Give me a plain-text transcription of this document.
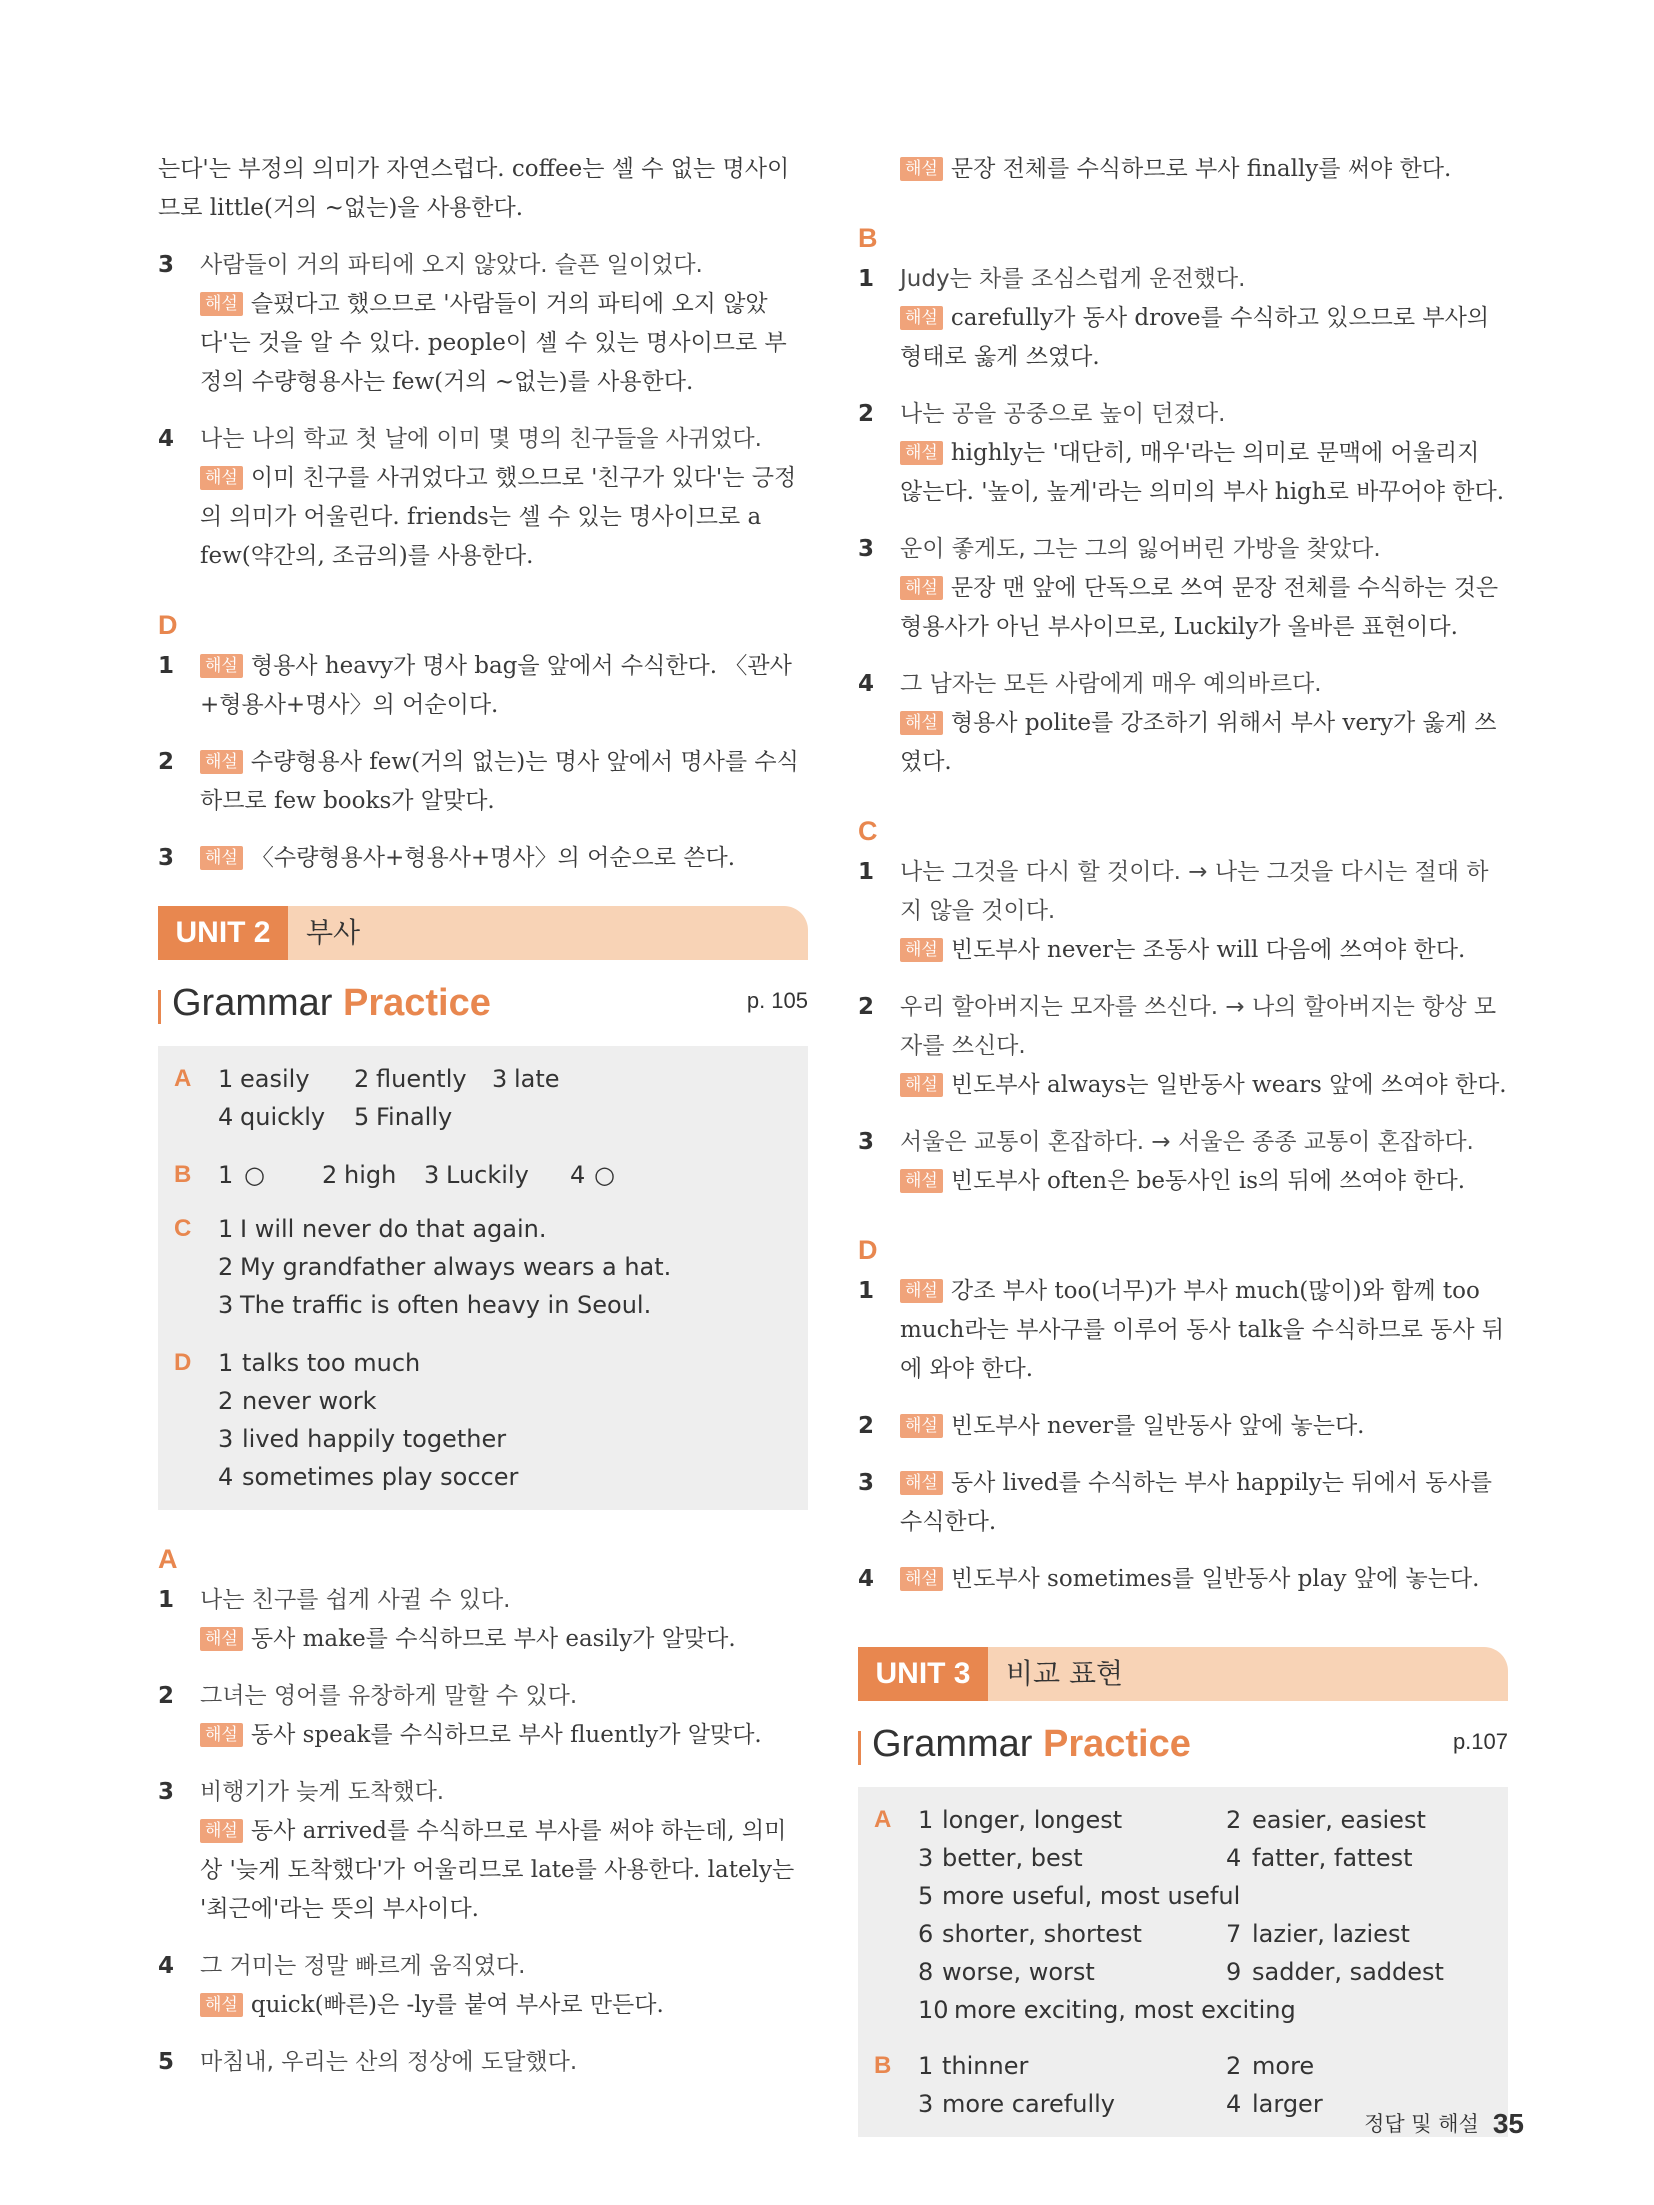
는다'는 부정의 의미가 자연스럽다. coffee는 셀 수 없는 명사이므로 little(거의 ~없는)을 사용한다.
3 사람들이 거의 파티에 오지 않았다. 슬픈 일이었다.
해설 슬펐다고 했으므로 '사람들이 거의 파티에 오지 않았다'는 것을 알 수 있다. people이 셀 수 있는 명사이므로 부정의 수량형용사는 few(거의 ~없는)를 사용한다.
4 나는 나의 학교 첫 날에 이미 몇 명의 친구들을 사귀었다.
해설 이미 친구를 사귀었다고 했으므로 '친구가 있다'는 긍정의 의미가 어울린다. friends는 셀 수 있는 명사이므로 a few(약간의, 조금의)를 사용한다.
D
1 해설 형용사 heavy가 명사 bag을 앞에서 수식한다. 〈관사+형용사+명사〉의 어순이다.
2 해설 수량형용사 few(거의 없는)는 명사 앞에서 명사를 수식하므로 few books가 알맞다.
3 해설 〈수량형용사+형용사+명사〉의 어순으로 쓴다.
UNIT 2	부사
Grammar Practice	p. 105
A 1 easily 2 fluently 3 late
4 quickly 5 Finally
B 1 ○ 2 high 3 Luckily 4 ○
C 1 I will never do that again.
2 My grandfather always wears a hat.
3 The traffic is often heavy in Seoul.
D 1 talks too much
2 never work
3 lived happily together
4 sometimes play soccer
A
1 나는 친구를 쉽게 사귈 수 있다.
해설 동사 make를 수식하므로 부사 easily가 알맞다.
2 그녀는 영어를 유창하게 말할 수 있다.
해설 동사 speak를 수식하므로 부사 fluently가 알맞다.
3 비행기가 늦게 도착했다.
해설 동사 arrived를 수식하므로 부사를 써야 하는데, 의미상 '늦게 도착했다'가 어울리므로 late를 사용한다. lately는 '최근에'라는 뜻의 부사이다.
4 그 거미는 정말 빠르게 움직였다.
해설 quick(빠른)은 -ly를 붙여 부사로 만든다.
5 마침내, 우리는 산의 정상에 도달했다.
해설 문장 전체를 수식하므로 부사 finally를 써야 한다.
B
1 Judy는 차를 조심스럽게 운전했다.
해설 carefully가 동사 drove를 수식하고 있으므로 부사의 형태로 옳게 쓰였다.
2 나는 공을 공중으로 높이 던졌다.
해설 highly는 '대단히, 매우'라는 의미로 문맥에 어울리지 않는다. '높이, 높게'라는 의미의 부사 high로 바꾸어야 한다.
3 운이 좋게도, 그는 그의 잃어버린 가방을 찾았다.
해설 문장 맨 앞에 단독으로 쓰여 문장 전체를 수식하는 것은 형용사가 아닌 부사이므로, Luckily가 올바른 표현이다.
4 그 남자는 모든 사람에게 매우 예의바르다.
해설 형용사 polite를 강조하기 위해서 부사 very가 옳게 쓰였다.
C
1 나는 그것을 다시 할 것이다. → 나는 그것을 다시는 절대 하지 않을 것이다.
해설 빈도부사 never는 조동사 will 다음에 쓰여야 한다.
2 우리 할아버지는 모자를 쓰신다. → 나의 할아버지는 항상 모자를 쓰신다.
해설 빈도부사 always는 일반동사 wears 앞에 쓰여야 한다.
3 서울은 교통이 혼잡하다. → 서울은 종종 교통이 혼잡하다.
해설 빈도부사 often은 be동사인 is의 뒤에 쓰여야 한다.
D
1 해설 강조 부사 too(너무)가 부사 much(많이)와 함께 too much라는 부사구를 이루어 동사 talk을 수식하므로 동사 뒤에 와야 한다.
2 해설 빈도부사 never를 일반동사 앞에 놓는다.
3 해설 동사 lived를 수식하는 부사 happily는 뒤에서 동사를 수식한다.
4 해설 빈도부사 sometimes를 일반동사 play 앞에 놓는다.
UNIT 3	비교 표현
Grammar Practice	p.107
A 1 longer, longest	2 easier, easiest
3 better, best	4 fatter, fattest
5 more useful, most useful
6 shorter, shortest	7 lazier, laziest
8 worse, worst	9 sadder, saddest
10 more exciting, most exciting
B 1 thinner	2 more
3 more carefully	4 larger
정답 및 해설 35
